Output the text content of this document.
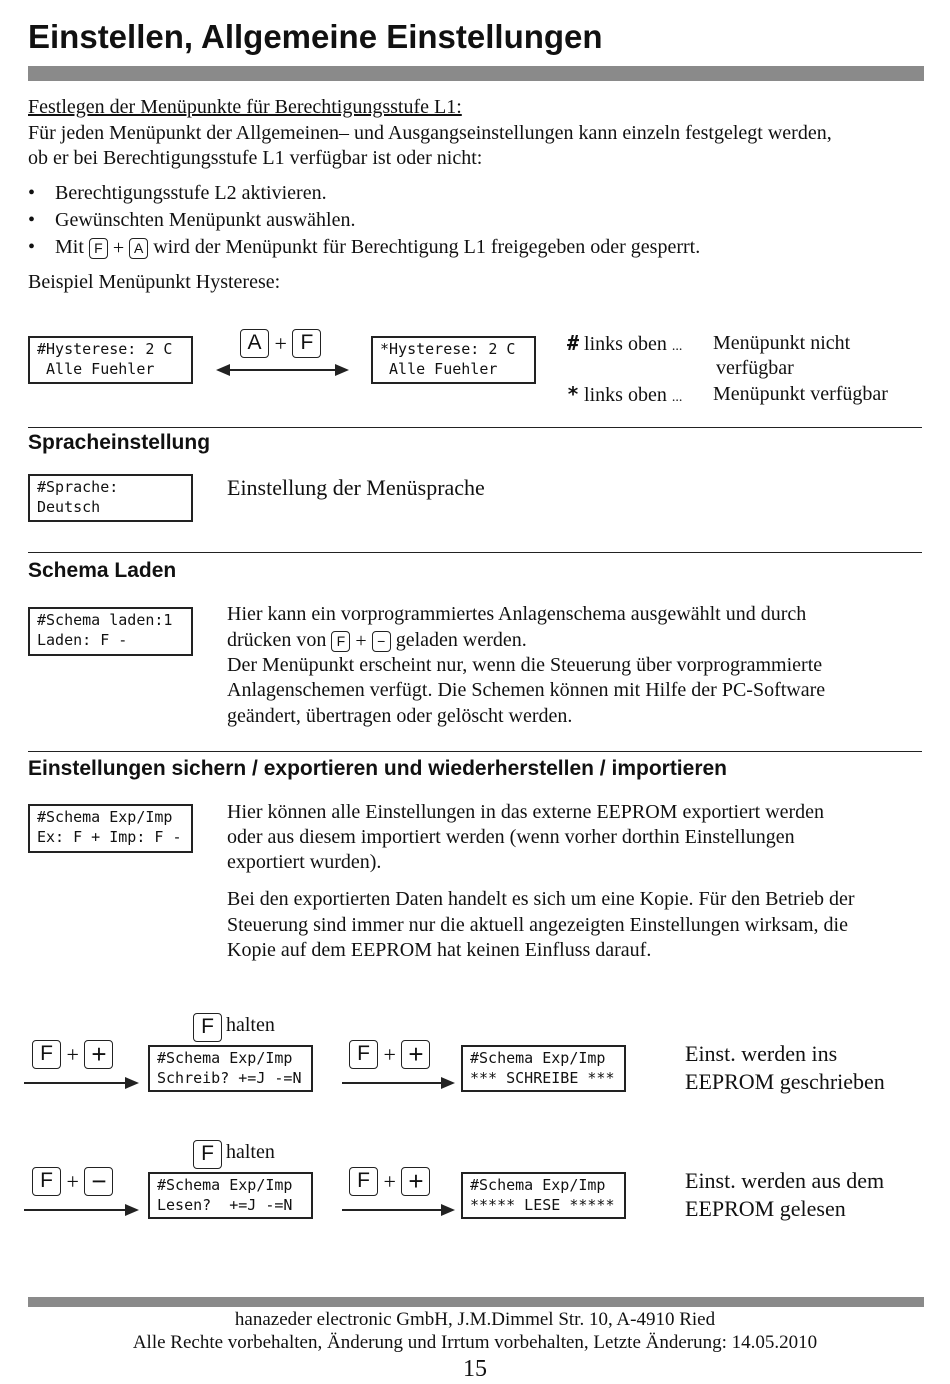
Einstellen, Allgemeine Einstellungen
Festlegen der Menüpunkte für Berechtigungsstufe L1:
Für jeden Menüpunkt der Allgemeinen– und Ausgangseinstellungen kann einzeln festgelegt werden,
ob er bei Berechtigungsstufe L1 verfügbar ist oder nicht:
• Berechtigungsstufe L2 aktivieren.
• Gewünschten Menüpunkt auswählen.
• Mit F + A wird der Menüpunkt für Berechtigung L1 freigegeben oder gesperrt.
Beispiel Menüpunkt Hysterese:
#Hysterese: 2 C
Alle Fuehler
A + F	*Hysterese: 2 C
Alle Fuehler
# links oben ... Menüpunkt nicht
verfügbar
* links oben ... Menüpunkt verfügbar
Spracheinstellung
#Sprache:
Deutsch
Einstellung der Menüsprache
Schema Laden
#Schema laden:1
Laden: F -
Hier kann ein vorprogrammiertes Anlagenschema ausgewählt und durch
drücken von F + − geladen werden.
Der Menüpunkt erscheint nur, wenn die Steuerung über vorprogrammierte
Anlagenschemen verfügt. Die Schemen können mit Hilfe der PC-Software
geändert, übertragen oder gelöscht werden.
Einstellungen sichern / exportieren und wiederherstellen / importieren
#Schema Exp/Imp
Ex: F + Imp: F -
Hier können alle Einstellungen in das externe EEPROM exportiert werden
oder aus diesem importiert werden (wenn vorher dorthin Einstellungen
exportiert wurden).
Bei den exportierten Daten handelt es sich um eine Kopie. Für den Betrieb der
Steuerung sind immer nur die aktuell angezeigten Einstellungen wirksam, die
Kopie auf dem EEPROM hat keinen Einfluss darauf.
F halten
F + +	#Schema Exp/Imp
Schreib? +=J -=N
F + +	#Schema Exp/Imp
*** SCHREIBE ***
Einst. werden ins
EEPROM geschrieben
F halten
F + −	#Schema Exp/Imp
Lesen?  +=J -=N
F + +	#Schema Exp/Imp
***** LESE *****
Einst. werden aus dem
EEPROM gelesen
hanazeder electronic GmbH, J.M.Dimmel Str. 10, A-4910 Ried
Alle Rechte vorbehalten, Änderung und Irrtum vorbehalten, Letzte Änderung: 14.05.2010
15
